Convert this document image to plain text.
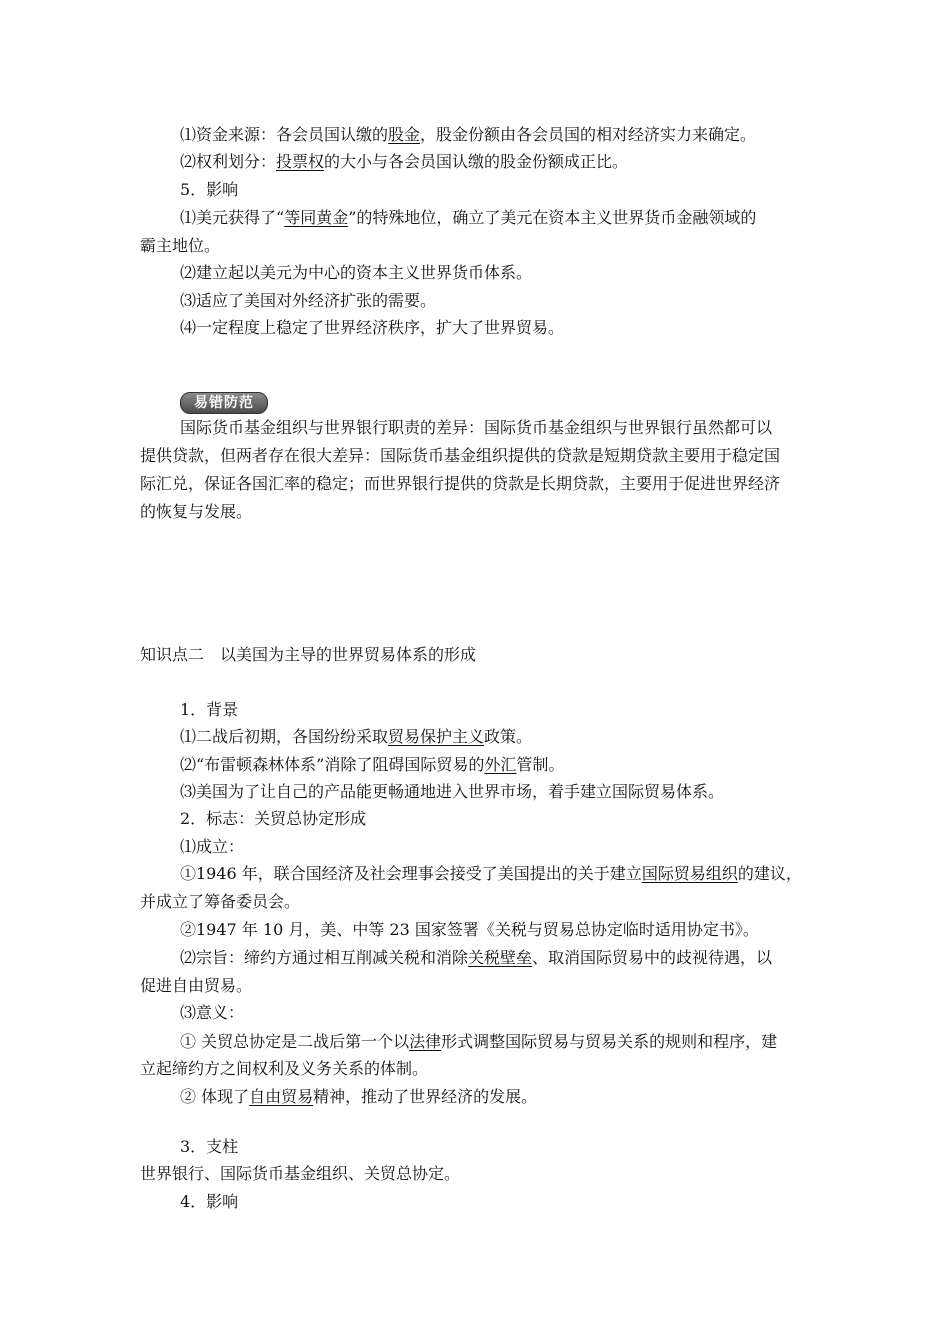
⑴资金来源：各会员国认缴的股金，股金份额由各会员国的相对经济实力来确定。
⑵权利划分：投票权的大小与各会员国认缴的股金份额成正比。
5．影响
⑴美元获得了“等同黄金”的特殊地位，确立了美元在资本主义世界货币金融领域的
霸主地位。
⑵建立起以美元为中心的资本主义世界货币体系。
⑶适应了美国对外经济扩张的需要。
⑷一定程度上稳定了世界经济秩序，扩大了世界贸易。
易错防范
国际货币基金组织与世界银行职责的差异：国际货币基金组织与世界银行虽然都可以
提供贷款，但两者存在很大差异：国际货币基金组织提供的贷款是短期贷款主要用于稳定国
际汇兑，保证各国汇率的稳定；而世界银行提供的贷款是长期贷款，主要用于促进世界经济
的恢复与发展。
知识点二　以美国为主导的世界贸易体系的形成
1．背景
⑴二战后初期，各国纷纷采取贸易保护主义政策。
⑵“布雷顿森林体系”消除了阻碍国际贸易的外汇管制。
⑶美国为了让自己的产品能更畅通地进入世界市场，着手建立国际贸易体系。
2．标志：关贸总协定形成
⑴成立：
①1946 年，联合国经济及社会理事会接受了美国提出的关于建立国际贸易组织的建议，
并成立了筹备委员会。
②1947 年 10 月，美、中等 23 国家签署《关税与贸易总协定临时适用协定书》。
⑵宗旨：缔约方通过相互削减关税和消除关税壁垒、取消国际贸易中的歧视待遇，以
促进自由贸易。
⑶意义：
① 关贸总协定是二战后第一个以法律形式调整国际贸易与贸易关系的规则和程序，建
立起缔约方之间权利及义务关系的体制。
② 体现了自由贸易精神，推动了世界经济的发展。
3．支柱
世界银行、国际货币基金组织、关贸总协定。
4．影响
